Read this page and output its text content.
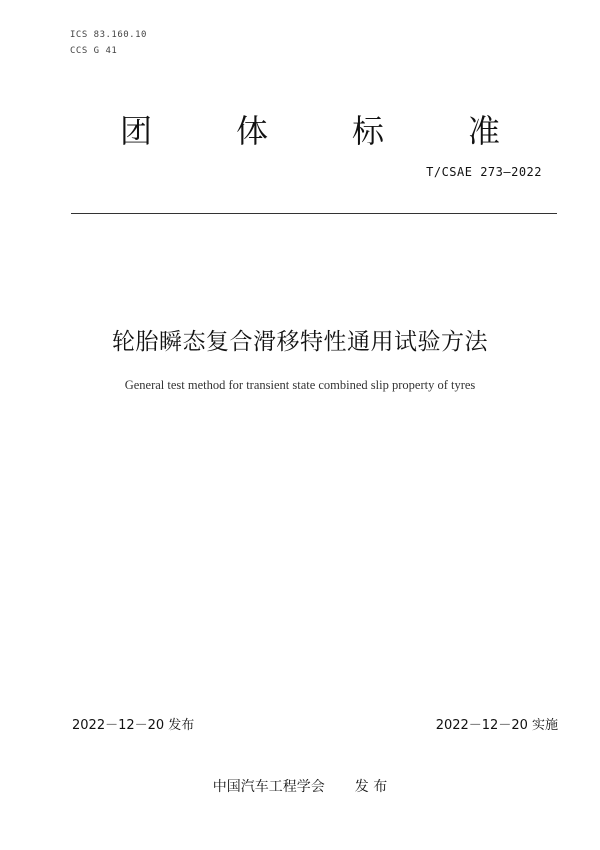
ICS 83.160.10
CCS G 41
团	体	标	准
T/CSAE 273—2022
轮胎瞬态复合滑移特性通用试验方法
General test method for transient state combined slip property of tyres
2022－12－20 发布	2022－12－20 实施
中国汽车工程学会 发 布
